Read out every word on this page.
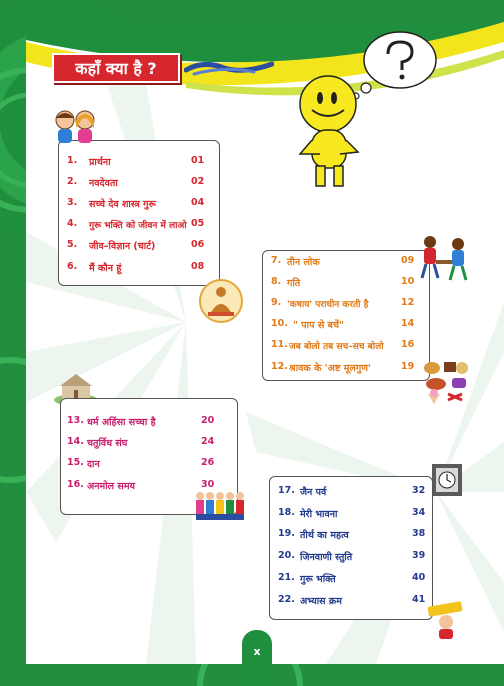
कहाँ क्या है ?
1. प्रार्थना	01
2. नवदेवता	02
3. सच्चे देव शास्त्र गुरू	04
4. गुरू भक्ति को जीवन में लाओ 05
5. जीव–विज्ञान (चार्ट)	06
6. मैं कौन हूं	08
7. तीन लोक	09
8. गति	10
9. 'कषाय' पराधीन करती है	12
10. " पाप से बचें"	14
11. जब बोलो तब सच–सच बोलो 16
12. श्रावक के 'अष्ट मूलगुण'	19
13. धर्म अहिंसा सच्चा है	20
14. चतुर्विध संघ	24
15. दान	26
16. अनमोल समय	30
17. जैन पर्व	32
18. मेरी भावना	34
19. तीर्थ का महत्व	38
20. जिनवाणी स्तुति	39
21. गुरू भक्ति	40
22. अभ्यास क्रम	41
x
